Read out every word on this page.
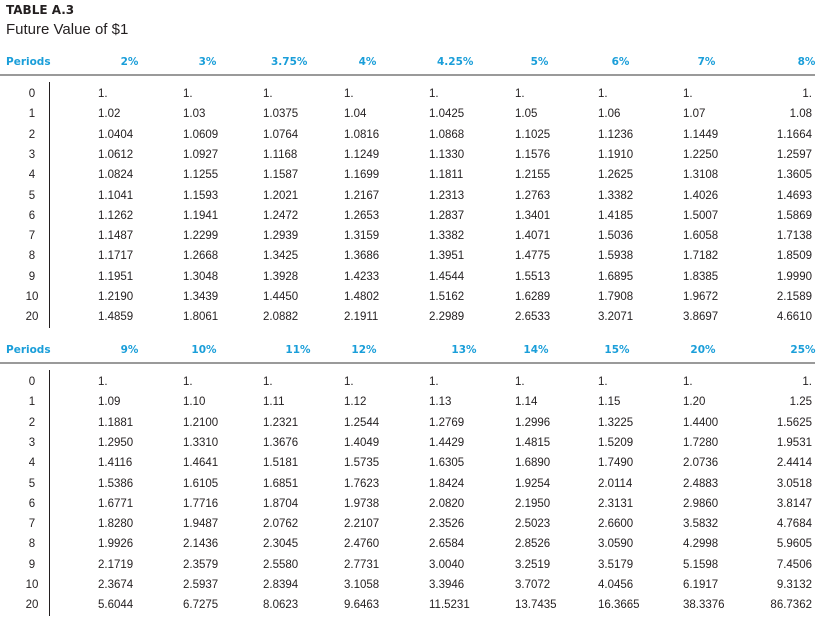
TABLE A.3
Future Value of $1
Periods	2%	3%	3.75%	4%	4.25%	5%	6%	7%	8%
0	1.	1.	1.	1.	1.	1.	1.	1.	1.
1	1.02	1.03	1.0375	1.04	1.0425	1.05	1.06	1.07	1.08
2	1.0404	1.0609	1.0764	1.0816	1.0868	1.1025	1.1236	1.1449	1.1664
3	1.0612	1.0927	1.1168	1.1249	1.1330	1.1576	1.1910	1.2250	1.2597
4	1.0824	1.1255	1.1587	1.1699	1.1811	1.2155	1.2625	1.3108	1.3605
5	1.1041	1.1593	1.2021	1.2167	1.2313	1.2763	1.3382	1.4026	1.4693
6	1.1262	1.1941	1.2472	1.2653	1.2837	1.3401	1.4185	1.5007	1.5869
7	1.1487	1.2299	1.2939	1.3159	1.3382	1.4071	1.5036	1.6058	1.7138
8	1.1717	1.2668	1.3425	1.3686	1.3951	1.4775	1.5938	1.7182	1.8509
9	1.1951	1.3048	1.3928	1.4233	1.4544	1.5513	1.6895	1.8385	1.9990
10	1.2190	1.3439	1.4450	1.4802	1.5162	1.6289	1.7908	1.9672	2.1589
20	1.4859	1.8061	2.0882	2.1911	2.2989	2.6533	3.2071	3.8697	4.6610
Periods	9%	10%	11%	12%	13%	14%	15%	20%	25%
0	1.	1.	1.	1.	1.	1.	1.	1.	1.
1	1.09	1.10	1.11	1.12	1.13	1.14	1.15	1.20	1.25
2	1.1881	1.2100	1.2321	1.2544	1.2769	1.2996	1.3225	1.4400	1.5625
3	1.2950	1.3310	1.3676	1.4049	1.4429	1.4815	1.5209	1.7280	1.9531
4	1.4116	1.4641	1.5181	1.5735	1.6305	1.6890	1.7490	2.0736	2.4414
5	1.5386	1.6105	1.6851	1.7623	1.8424	1.9254	2.0114	2.4883	3.0518
6	1.6771	1.7716	1.8704	1.9738	2.0820	2.1950	2.3131	2.9860	3.8147
7	1.8280	1.9487	2.0762	2.2107	2.3526	2.5023	2.6600	3.5832	4.7684
8	1.9926	2.1436	2.3045	2.4760	2.6584	2.8526	3.0590	4.2998	5.9605
9	2.1719	2.3579	2.5580	2.7731	3.0040	3.2519	3.5179	5.1598	7.4506
10	2.3674	2.5937	2.8394	3.1058	3.3946	3.7072	4.0456	6.1917	9.3132
20	5.6044	6.7275	8.0623	9.6463	11.5231	13.7435	16.3665	38.3376	86.7362
